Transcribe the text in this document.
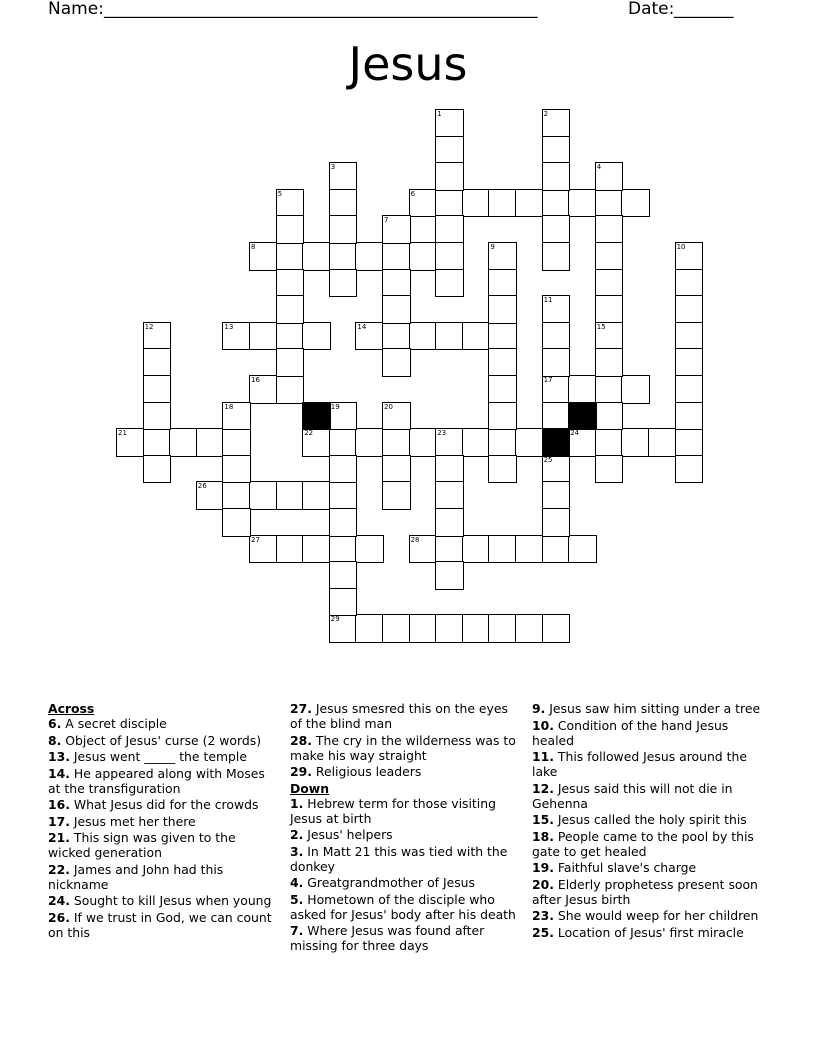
Name: ___________________________________________________	Date: _______
Jesus
1	2
3	4
5	6
7
8	9	10
11
12	13	14	15
16	17
18	19	20
21	22	23	24
25
26
27	28
29
Across
6. A secret disciple
8. Object of Jesus' curse (2 words)
13. Jesus went _____ the temple
14. He appeared along with Moses at the transfiguration
16. What Jesus did for the crowds
17. Jesus met her there
21. This sign was given to the wicked generation
22. James and John had this nickname
24. Sought to kill Jesus when young
26. If we trust in God, we can count on this
27. Jesus smesred this on the eyes of the blind man
28. The cry in the wilderness was to make his way straight
29. Religious leaders
Down
1. Hebrew term for those visiting Jesus at birth
2. Jesus' helpers
3. In Matt 21 this was tied with the donkey
4. Greatgrandmother of Jesus
5. Hometown of the disciple who asked for Jesus' body after his death
7. Where Jesus was found after missing for three days
9. Jesus saw him sitting under a tree
10. Condition of the hand Jesus healed
11. This followed Jesus around the lake
12. Jesus said this will not die in Gehenna
15. Jesus called the holy spirit this
18. People came to the pool by this gate to get healed
19. Faithful slave's charge
20. Elderly prophetess present soon after Jesus birth
23. She would weep for her children
25. Location of Jesus' first miracle
